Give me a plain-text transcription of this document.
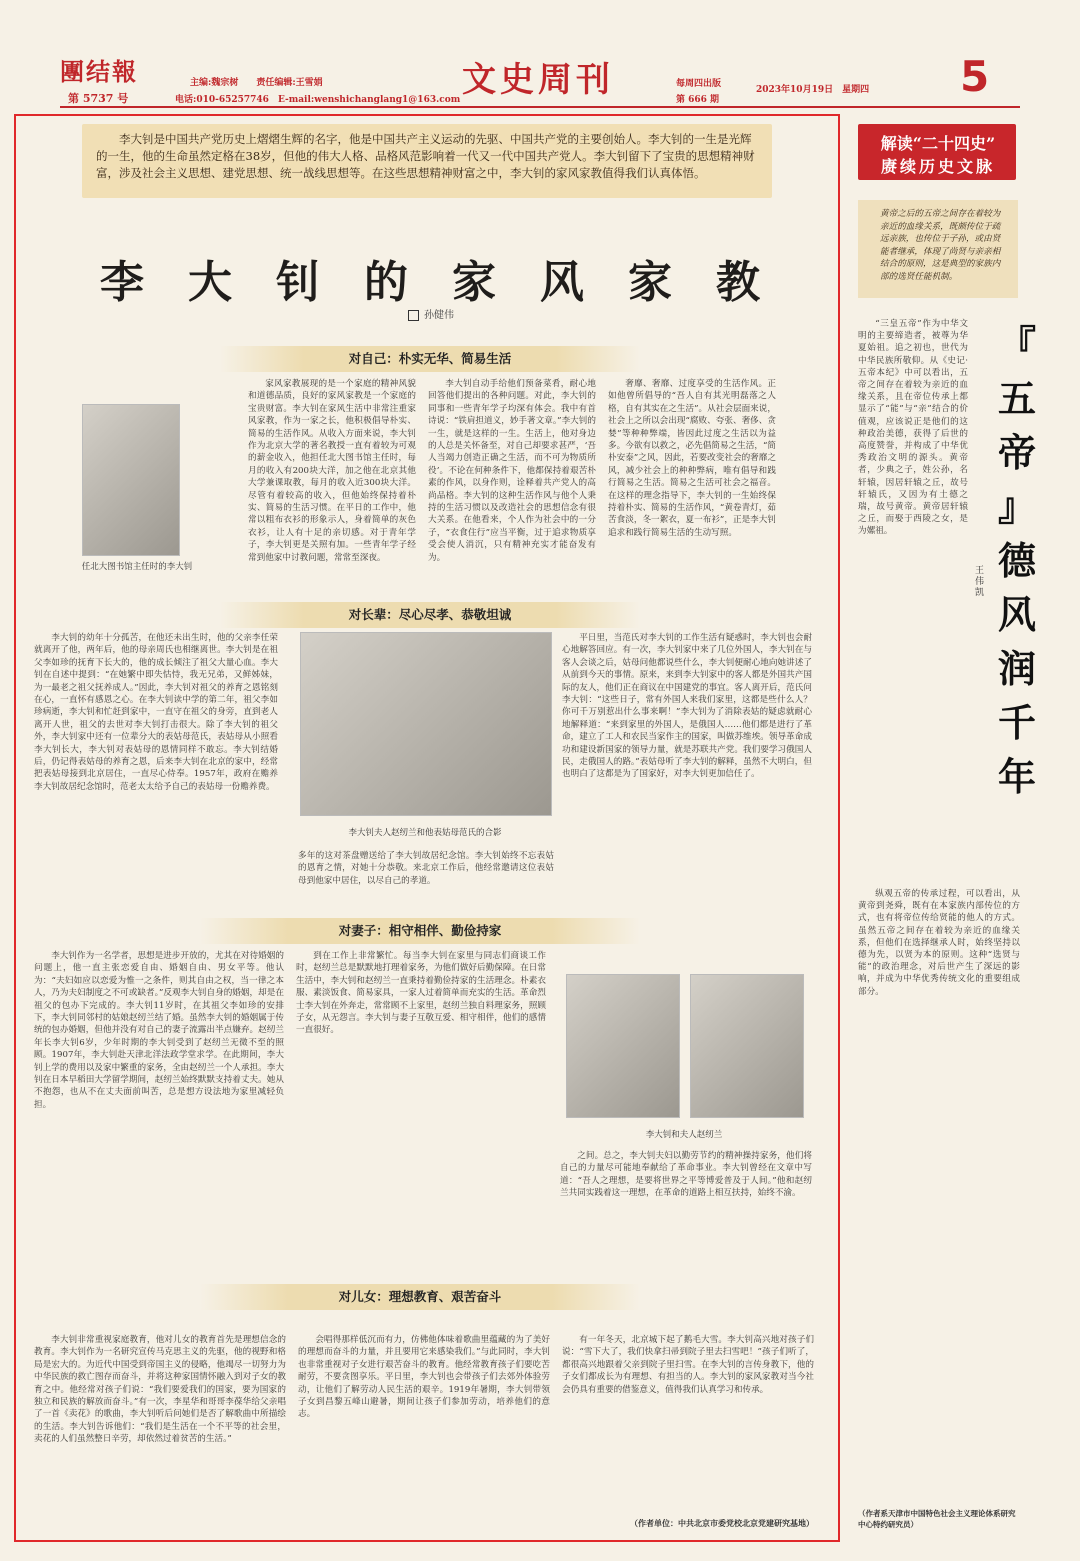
團结報
第 5737 号
主编:魏宗树　　责任编辑:王雪娟
电话:010-65257746　E-mail:wenshichanglang1@163.com 文史周刊	每周四出版
第 666 期
2023年10月19日　星期四 5
李大钊是中国共产党历史上熠熠生辉的名字，他是中国共产主义运动的先驱、中国共产党的主要创始人。李大钊的一生是光辉的一生，他的生命虽然定格在38岁，但他的伟大人格、品格风范影响着一代又一代中国共产党人。李大钊留下了宝贵的思想精神财富，涉及社会主义思想、建党思想、统一战线思想等。在这些思想精神财富之中，李大钊的家风家教值得我们认真体悟。
李 大 钊 的 家 风 家 教
孙健伟
对自己：朴实无华、简易生活
任北大图书馆主任时的李大钊
家风家教展现的是一个家庭的精神风貌和道德品质，良好的家风家教是一个家庭的宝贵财富。李大钊在家风生活中非常注重家风家教，作为一家之长，他积极倡导朴实、简易的生活作风。从收入方面来说，李大钊作为北京大学的著名教授一直有着较为可观的薪金收入，他担任北大图书馆主任时，每月的收入有200块大洋，加之他在北京其他大学兼课取教，每月的收入近300块大洋。尽管有着较高的收入，但他始终保持着朴实、简易的生活习惯。在平日的工作中，他常以粗布衣衫的形象示人，身着简单的灰色衣衫，让人有十足的亲切感。对于青年学子，李大钊更是关照有加。一些青年学子经常到他家中讨教问题，常常至深夜。
李大钊自动手给他们预备菜肴，耐心地回答他们提出的各种问题。对此，李大钊的同事和一些青年学子均深有体会。我中有首诗说：“铁肩担道义，妙手著文章。”李大钊的一生，就是这样的一生。生活上，他对身边的人总是关怀备至，对自己却要求甚严，‘吾人当竭力创造正确之生活，而不可为物质所役’。不论在何种条件下，他都保持着艰苦朴素的作风，以身作则，诠释着共产党人的高尚品格。李大钊的这种生活作风与他个人秉持的生活习惯以及改造社会的思想信念有很大关系。在他看来，个人作为社会中的一分子，“衣食住行”应当平衡，过于追求物质享受会使人消沉，只有精神充实才能奋发有为。
奢靡、奢靡、过度享受的生活作风。正如他曾所倡导的“吾人自有其光明磊落之人格，自有其实在之生活”。从社会层面来说，社会上之所以会出现“腐败、夸张、奢侈、贪婪”等种种弊端，皆因此过度之生活以为益多。今欲有以救之，必先倡简易之生活，“简朴安泰”之风，因此，若要改变社会的奢靡之风，减少社会上的种种弊病，唯有倡导和践行简易之生活。简易之生活可社会之福音。在这样的理念指导下，李大钊的一生始终保持着朴实、简易的生活作风，“黄卷青灯，茹苦食淡，冬一絮衣，夏一布衫”，正是李大钊追求和践行简易生活的生动写照。
对长辈：尽心尽孝、恭敬坦诚
李大钊的幼年十分孤苦，在他还未出生时，他的父亲李任荣就离开了他，两年后，他的母亲周氏也相继离世。李大钊是在祖父李如珍的抚育下长大的，他的成长倾注了祖父大量心血。李大钊在自述中提到：“在她繁中即失怙恃，我无兄弟，又鲜姊妹，为一最老之祖父抚养成人。”因此，李大钊对祖父的养育之恩铭刻在心，一直怀有感恩之心。在李大钊读中学的第二年，祖父李如珍病逝，李大钊和忙赶到家中，一直守在祖父的身旁，直到老人离开人世，祖父的去世对李大钊打击很大。除了李大钊的祖父外，李大钊家中还有一位辈分大的表姑母范氏，表姑母从小照看李大钊长大，李大钊对表姑母的恩情同样不敢忘。李大钊结婚后，仍记得表姑母的养育之恩，后来李大钊在北京的家中，经常把表姑母接到北京居住，一直尽心侍奉。1957年，政府在赡养李大钊故居纪念馆时，范老太太给予自己的表姑母一份赡养费。
李大钊夫人赵纫兰和他表姑母范氏的合影
多年的这对茶盘赠送给了李大钊故居纪念馆。李大钊始终不忘表姑的恩育之情，对她十分恭敬。来北京工作后，他经常邀请这位表姑母到他家中居住，以尽自己的孝道。
平日里，当范氏对李大钊的工作生活有疑惑时，李大钊也会耐心地解答回应。有一次，李大钊家中来了几位外国人，李大钊在与客人会谈之后，姑母问他都说些什么，李大钊便耐心地向她讲述了从前到今天的事情。原来，来到李大钊家中的客人都是外国共产国际的友人，他们正在商议在中国建党的事宜。客人离开后，范氏问李大钊：“这些日子，常有外国人来我们家里，这都是些什么人？你可千万别惹出什么事来啊！”李大钊为了消除表姑的疑虑就耐心地解释道：“来到家里的外国人，是俄国人……他们都是进行了革命，建立了工人和农民当家作主的国家，叫做苏维埃。领导革命成功和建设新国家的领导力量，就是苏联共产党。我们要学习俄国人民，走俄国人的路。”表姑母听了李大钊的解释，虽然不大明白，但也明白了这都是为了国家好，对李大钊更加信任了。
对妻子：相守相伴、勤俭持家
李大钊作为一名学者，思想是进步开放的，尤其在对待婚姻的问题上，他一直主张恋爱自由、婚姻自由、男女平等。他认为：“夫妇如应以恋爱为惟一之条件，则其自由之权，当一律之本人，乃为夫妇制度之不可或缺者。”反观李大钊自身的婚姻，却是在祖父的包办下完成的。李大钊11岁时，在其祖父李如珍的安排下，李大钊同邻村的姑娘赵纫兰结了婚。虽然李大钊的婚姻属于传统的包办婚姻，但他并没有对自己的妻子流露出半点嫌弃。赵纫兰年长李大钊6岁，少年时期的李大钊受到了赵纫兰无微不至的照顾。1907年，李大钊赴天津北洋法政学堂求学。在此期间，李大钊上学的费用以及家中繁重的家务，全由赵纫兰一个人承担。李大钊在日本早稻田大学留学期间，赵纫兰始终默默支持着丈夫。她从不抱怨，也从不在丈夫面前叫苦，总是想方设法地为家里减轻负担。
到在工作上非常繁忙。每当李大钊在家里与同志们商谈工作时，赵纫兰总是默默地打理着家务，为他们做好后勤保障。在日常生活中，李大钊和赵纫兰一直秉持着勤俭持家的生活理念。朴素衣服、素淡饭食、简易家具，一家人过着简单而充实的生活。革命烈士李大钊在外奔走，常常顾不上家里，赵纫兰独自料理家务，照顾子女，从无怨言。李大钊与妻子互敬互爱、相守相伴，他们的感情一直很好。
李大钊和夫人赵纫兰
之间。总之，李大钊夫妇以勤劳节约的精神操持家务，他们将自己的力量尽可能地奉献给了革命事业。李大钊曾经在文章中写道：“吾人之理想，是要将世界之平等博爱普及于人间。”他和赵纫兰共同实践着这一理想，在革命的道路上相互扶持，始终不渝。
对儿女：理想教育、艰苦奋斗
李大钊非常重视家庭教育，他对儿女的教育首先是理想信念的教育。李大钊作为一名研究宣传马克思主义的先驱，他的视野和格局是宏大的。为近代中国受到帝国主义的侵略，他竭尽一切努力为中华民族的救亡图存而奋斗，并将这种家国情怀融入到对子女的教育之中。他经常对孩子们说：“我们要爱我们的国家，要为国家的独立和民族的解放而奋斗。”有一次，李星华和哥哥李葆华给父亲唱了一首《卖花》的歌曲，李大钊听后问她们是否了解歌曲中所描绘的生活。李大钊告诉他们：“我们是生活在一个不平等的社会里，卖花的人们虽然整日辛劳，却依然过着贫苦的生活。”
会唱得那样低沉而有力，仿佛他体味着歌曲里蕴藏的为了美好的理想而奋斗的力量，并且要用它来感染我们。”与此同时，李大钊也非常重视对子女进行艰苦奋斗的教育。他经常教育孩子们要吃苦耐劳，不要贪图享乐。平日里，李大钊也会带孩子们去郊外体验劳动，让他们了解劳动人民生活的艰辛。1919年暑期，李大钊带领子女到昌黎五峰山避暑，期间让孩子们参加劳动，培养他们的意志。
有一年冬天，北京城下起了鹅毛大雪。李大钊高兴地对孩子们说：“雪下大了，我们快拿扫帚到院子里去扫雪吧！”孩子们听了，都很高兴地跟着父亲到院子里扫雪。在李大钊的言传身教下，他的子女们都成长为有理想、有担当的人。李大钊的家风家教对当今社会仍具有重要的借鉴意义，值得我们认真学习和传承。
（作者单位：中共北京市委党校北京党建研究基地）
解读“二十四史”
赓续历史文脉
黄帝之后的五帝之间存在着较为亲近的血缘关系，既颇传位于疏远亲族，也传位于子孙，或由贤能者继承，体现了尚贤与亲亲相结合的原则，这是典型的家族内部的选贤任能机制。
『
五
帝
』
德
风
润
千
年
王伟凯
“三皇五帝”作为中华文明的主要缔造者，被尊为华夏始祖。追之初也，世代为中华民族所敬仰。从《史记·五帝本纪》中可以看出，五帝之间存在着较为亲近的血缘关系，且在帝位传承上都显示了“能”与“亲”结合的价值观，应该说正是他们的这种政治美德，获得了后世的高度赞誉，并构成了中华优秀政治文明的源头。黄帝者，少典之子，姓公孙，名轩辕，因居轩辕之丘，故号轩辕氏，又因为有土德之瑞，故号黄帝。黄帝居轩辕之丘，而娶于西陵之女，是为嫘祖。
纵观五帝的传承过程，可以看出，从黄帝到尧舜，既有在本家族内部传位的方式，也有将帝位传给贤能的他人的方式。虽然五帝之间存在着较为亲近的血缘关系，但他们在选择继承人时，始终坚持以德为先，以贤为本的原则。这种“选贤与能”的政治理念，对后世产生了深远的影响，并成为中华优秀传统文化的重要组成部分。
（作者系天津市中国特色社会主义理论体系研究中心特约研究员）
